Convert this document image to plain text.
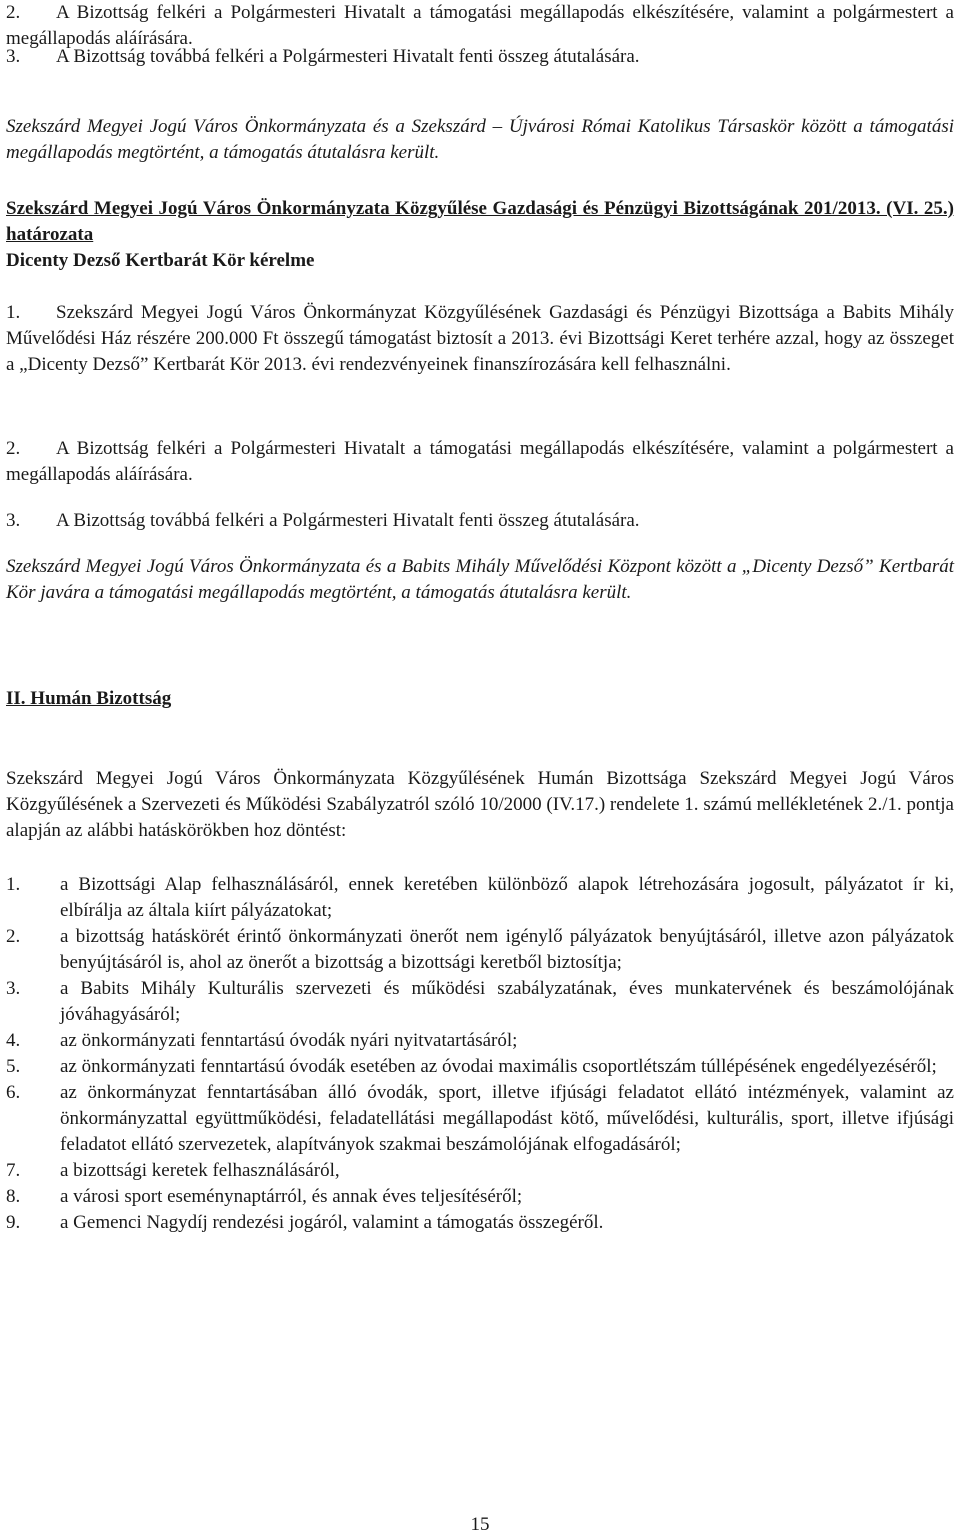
2. A Bizottság felkéri a Polgármesteri Hivatalt a támogatási megállapodás elkészítésére, valamint a polgármestert a megállapodás aláírására.

3. A Bizottság továbbá felkéri a Polgármesteri Hivatalt fenti összeg átutalására.

Szekszárd Megyei Jogú Város Önkormányzata és a Szekszárd – Újvárosi Római Katolikus Társaskör között a támogatási megállapodás megtörtént, a támogatás átutalásra került.

Szekszárd Megyei Jogú Város Önkormányzata Közgyűlése Gazdasági és Pénzügyi Bizottságának 201/2013. (VI. 25.) határozata

Dicenty Dezső Kertbarát Kör kérelme

1. Szekszárd Megyei Jogú Város Önkormányzat Közgyűlésének Gazdasági és Pénzügyi Bizottsága a Babits Mihály Művelődési Ház részére 200.000 Ft összegű támogatást biztosít a 2013. évi Bizottsági Keret terhére azzal, hogy az összeget a „Dicenty Dezső” Kertbarát Kör 2013. évi rendezvényeinek finanszírozására kell felhasználni.

2. A Bizottság felkéri a Polgármesteri Hivatalt a támogatási megállapodás elkészítésére, valamint a polgármestert a megállapodás aláírására.

3. A Bizottság továbbá felkéri a Polgármesteri Hivatalt fenti összeg átutalására.

Szekszárd Megyei Jogú Város Önkormányzata és a Babits Mihály Művelődési Központ között a „Dicenty Dezső” Kertbarát Kör javára a támogatási megállapodás megtörtént, a támogatás átutalásra került.

II. Humán Bizottság

Szekszárd Megyei Jogú Város Önkormányzata Közgyűlésének Humán Bizottsága Szekszárd Megyei Jogú Város Közgyűlésének a Szervezeti és Működési Szabályzatról szóló 10/2000 (IV.17.) rendelete 1. számú mellékletének 2./1. pontja alapján az alábbi hatáskörökben hoz döntést:

1. a Bizottsági Alap felhasználásáról, ennek keretében különböző alapok létrehozására jogosult, pályázatot ír ki, elbírálja az általa kiírt pályázatokat;
2. a bizottság hatáskörét érintő önkormányzati önerőt nem igénylő pályázatok benyújtásáról, illetve azon pályázatok benyújtásáról is, ahol az önerőt a bizottság a bizottsági keretből biztosítja;
3. a Babits Mihály Kulturális szervezeti és működési szabályzatának, éves munkatervének és beszámolójának jóváhagyásáról;
4. az önkormányzati fenntartású óvodák nyári nyitvatartásáról;
5. az önkormányzati fenntartású óvodák esetében az óvodai maximális csoportlétszám túllépésének engedélyezéséről;
6. az önkormányzat fenntartásában álló óvodák, sport, illetve ifjúsági feladatot ellátó intézmények, valamint az önkormányzattal együttműködési, feladatellátási megállapodást kötő, művelődési, kulturális, sport, illetve ifjúsági feladatot ellátó szervezetek, alapítványok szakmai beszámolójának elfogadásáról;
7. a bizottsági keretek felhasználásáról,
8. a városi sport eseménynaptárról, és annak éves teljesítéséről;
9. a Gemenci Nagydíj rendezési jogáról, valamint a támogatás összegéről.
15
